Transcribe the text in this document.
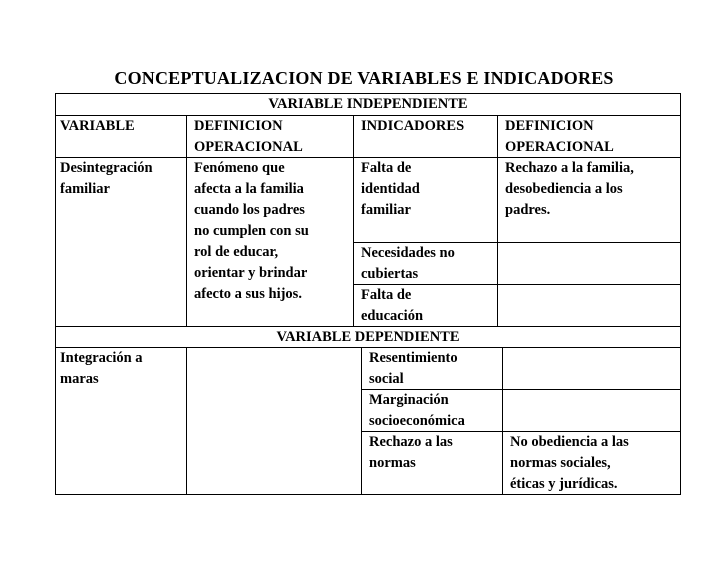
CONCEPTUALIZACION DE VARIABLES E INDICADORES
VARIABLE INDEPENDIENTE
VARIABLE	DEFINICION
OPERACIONAL
INDICADORES	DEFINICION
OPERACIONAL
Desintegración
familiar
Fenómeno que
afecta a la familia
cuando los padres
no cumplen con su
rol de educar,
orientar y brindar
afecto a sus hijos.
Falta de
identidad
familiar
Rechazo a la familia,
desobediencia a los
padres.
Necesidades no
cubiertas
Falta de
educación
VARIABLE DEPENDIENTE
Integración a
maras
Resentimiento
social
Marginación
socioeconómica
Rechazo a las
normas
No obediencia a las
normas sociales,
éticas y jurídicas.
